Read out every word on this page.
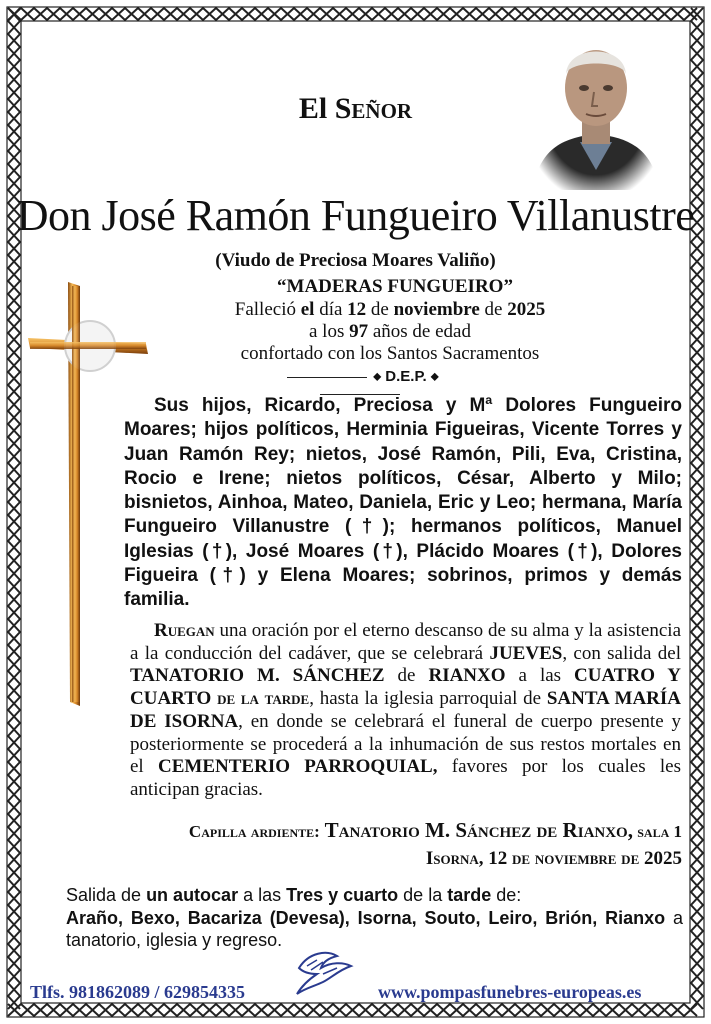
El Señor
Don José Ramón Fungueiro Villanustre
(Viudo de Preciosa Moares Valiño)
“MADERAS FUNGUEIRO”
Falleció el día 12 de noviembre de 2025
a los 97 años de edad
confortado con los Santos Sacramentos
◆ D.E.P. ◆
Sus hijos, Ricardo, Preciosa y Mª Dolores Fungueiro Moares; hijos políticos, Herminia Figueiras, Vicente Torres y Juan Ramón Rey; nietos, José Ramón, Pili, Eva, Cristina, Rocio e Irene; nietos políticos, César, Alberto y Milo; bisnietos, Ainhoa, Mateo, Daniela, Eric y Leo; hermana, María Fungueiro Villanustre (†); hermanos políticos, Manuel Iglesias (†), José Moares (†), Plácido Moares (†), Dolores Figueira (†) y Elena Moares; sobrinos, primos y demás familia.
Ruegan una oración por el eterno descanso de su alma y la asistencia a la conducción del cadáver, que se celebrará JUEVES, con salida del TANATORIO M. SÁNCHEZ de RIANXO a las CUATRO Y CUARTO de la tarde, hasta la iglesia parroquial de SANTA MARÍA DE ISORNA, en donde se celebrará el funeral de cuerpo presente y posteriormente se procederá a la inhumación de sus restos mortales en el CEMENTERIO PARROQUIAL, favores por los cuales les anticipan gracias.
Capilla ardiente: Tanatorio M. Sánchez de Rianxo, sala 1
Isorna, 12 de noviembre de 2025
Salida de un autocar a las Tres y cuarto de la tarde de:
Araño, Bexo, Bacariza (Devesa), Isorna, Souto, Leiro, Brión, Rianxo a tanatorio, iglesia y regreso.
Tlfs. 981862089 / 629854335	www.pompasfunebres-europeas.es
